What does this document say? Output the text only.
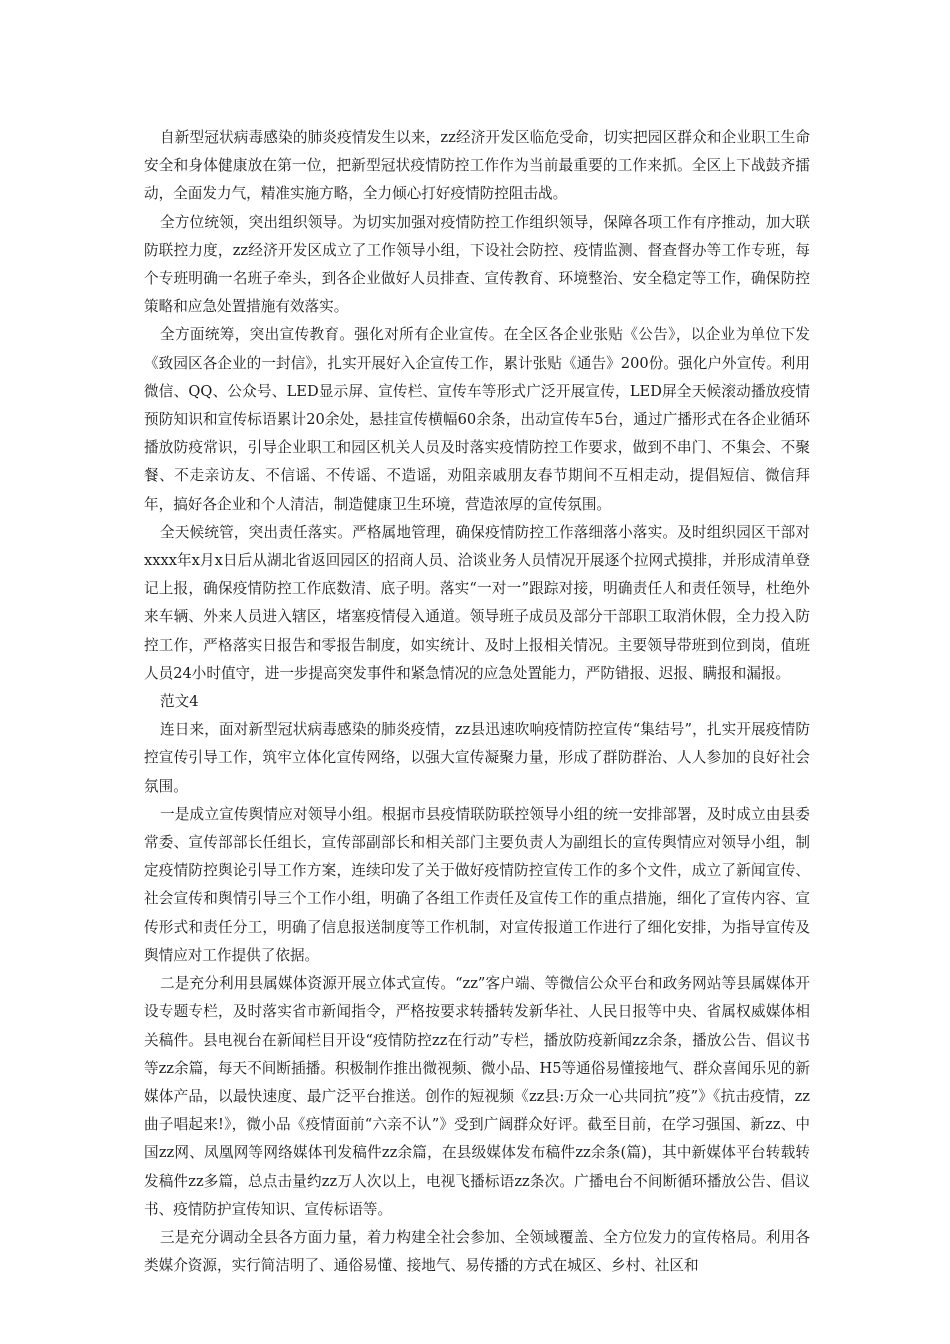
自新型冠状病毒感染的肺炎疫情发生以来，zz经济开发区临危受命，切实把园区群众和企业职工生命安全和身体健康放在第一位，把新型冠状疫情防控工作作为当前最重要的工作来抓。全区上下战鼓齐擂动，全面发力气，精准实施方略，全力倾心打好疫情防控阻击战。

全方位统领，突出组织领导。为切实加强对疫情防控工作组织领导，保障各项工作有序推动，加大联防联控力度，zz经济开发区成立了工作领导小组，下设社会防控、疫情监测、督查督办等工作专班，每个专班明确一名班子牵头，到各企业做好人员排查、宣传教育、环境整治、安全稳定等工作，确保防控策略和应急处置措施有效落实。

全方面统筹，突出宣传教育。强化对所有企业宣传。在全区各企业张贴《公告》，以企业为单位下发《致园区各企业的一封信》，扎实开展好入企宣传工作，累计张贴《通告》200份。强化户外宣传。利用微信、QQ、公众号、LED显示屏、宣传栏、宣传车等形式广泛开展宣传，LED屏全天候滚动播放疫情预防知识和宣传标语累计20余处，悬挂宣传横幅60余条，出动宣传车5台，通过广播形式在各企业循环播放防疫常识，引导企业职工和园区机关人员及时落实疫情防控工作要求，做到不串门、不集会、不聚餐、不走亲访友、不信谣、不传谣、不造谣，劝阻亲戚朋友春节期间不互相走动，提倡短信、微信拜年，搞好各企业和个人清洁，制造健康卫生环境，营造浓厚的宣传氛围。

全天候统管，突出责任落实。严格属地管理，确保疫情防控工作落细落小落实。及时组织园区干部对xxxx年x月x日后从湖北省返回园区的招商人员、洽谈业务人员情况开展逐个拉网式摸排，并形成清单登记上报，确保疫情防控工作底数清、底子明。落实“一对一”跟踪对接，明确责任人和责任领导，杜绝外来车辆、外来人员进入辖区，堵塞疫情侵入通道。领导班子成员及部分干部职工取消休假，全力投入防控工作，严格落实日报告和零报告制度，如实统计、及时上报相关情况。主要领导带班到位到岗，值班人员24小时值守，进一步提高突发事件和紧急情况的应急处置能力，严防错报、迟报、瞒报和漏报。

范文4

连日来，面对新型冠状病毒感染的肺炎疫情，zz县迅速吹响疫情防控宣传“集结号”，扎实开展疫情防控宣传引导工作，筑牢立体化宣传网络，以强大宣传凝聚力量，形成了群防群治、人人参加的良好社会氛围。

一是成立宣传舆情应对领导小组。根据市县疫情联防联控领导小组的统一安排部署，及时成立由县委常委、宣传部部长任组长，宣传部副部长和相关部门主要负责人为副组长的宣传舆情应对领导小组，制定疫情防控舆论引导工作方案，连续印发了关于做好疫情防控宣传工作的多个文件，成立了新闻宣传、社会宣传和舆情引导三个工作小组，明确了各组工作责任及宣传工作的重点措施，细化了宣传内容、宣传形式和责任分工，明确了信息报送制度等工作机制，对宣传报道工作进行了细化安排，为指导宣传及舆情应对工作提供了依据。

二是充分利用县属媒体资源开展立体式宣传。“zz”客户端、等微信公众平台和政务网站等县属媒体开设专题专栏，及时落实省市新闻指令，严格按要求转播转发新华社、人民日报等中央、省属权威媒体相关稿件。县电视台在新闻栏目开设“疫情防控zz在行动”专栏，播放防疫新闻zz余条，播放公告、倡议书等zz余篇，每天不间断插播。积极制作推出微视频、微小品、H5等通俗易懂接地气、群众喜闻乐见的新媒体产品，以最快速度、最广泛平台推送。创作的短视频《zz县:万众一心共同抗”疫”》《抗击疫情，zz曲子唱起来!》，微小品《疫情面前“六亲不认”》受到广阔群众好评。截至目前，在学习强国、新zz、中国zz网、凤凰网等网络媒体刊发稿件zz余篇，在县级媒体发布稿件zz余条(篇)，其中新媒体平台转载转发稿件zz多篇，总点击量约zz万人次以上，电视飞播标语zz条次。广播电台不间断循环播放公告、倡议书、疫情防护宣传知识、宣传标语等。

三是充分调动全县各方面力量，着力构建全社会参加、全领域覆盖、全方位发力的宣传格局。利用各类媒介资源，实行简洁明了、通俗易懂、接地气、易传播的方式在城区、乡村、社区和
